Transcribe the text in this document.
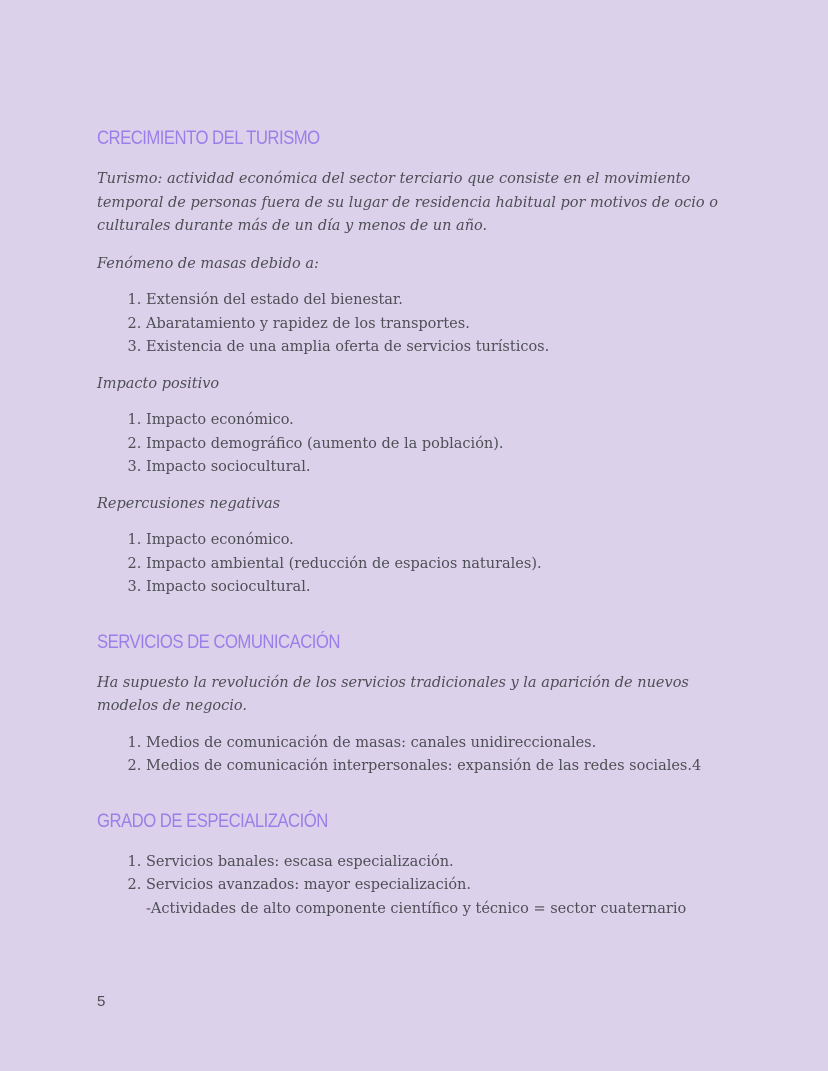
CRECIMIENTO DEL TURISMO

Turismo: actividad económica del sector terciario que consiste en el movimiento temporal de personas fuera de su lugar de residencia habitual por motivos de ocio o culturales durante más de un día y menos de un año.

Fenómeno de masas debido a:

1. Extensión del estado del bienestar.
2. Abaratamiento y rapidez de los transportes.
3. Existencia de una amplia oferta de servicios turísticos.

Impacto positivo

1. Impacto económico.
2. Impacto demográfico (aumento de la población).
3. Impacto sociocultural.

Repercusiones negativas

1. Impacto económico.
2. Impacto ambiental (reducción de espacios naturales).
3. Impacto sociocultural.
SERVICIOS DE COMUNICACIÓN

Ha supuesto la revolución de los servicios tradicionales y la aparición de nuevos modelos de negocio.

1. Medios de comunicación de masas: canales unidireccionales.
2. Medios de comunicación interpersonales: expansión de las redes sociales.4
GRADO DE ESPECIALIZACIÓN
1. Servicios banales: escasa especialización.
2. Servicios avanzados: mayor especialización.
-Actividades de alto componente científico y técnico = sector cuaternario
5
